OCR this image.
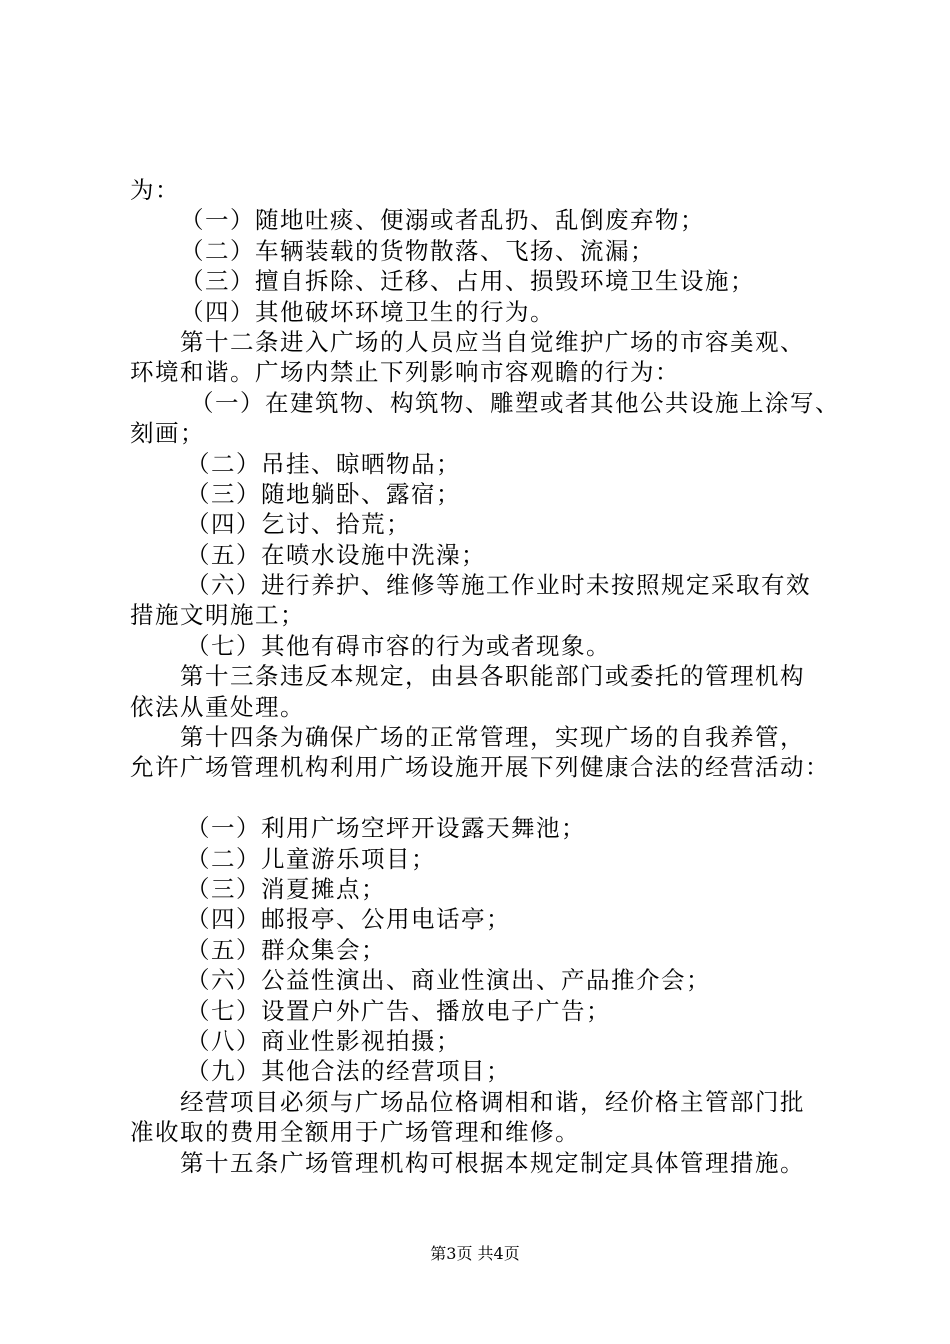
为：
（一）随地吐痰、便溺或者乱扔、乱倒废弃物；
（二）车辆装载的货物散落、飞扬、流漏；
（三）擅自拆除、迁移、占用、损毁环境卫生设施；
（四）其他破坏环境卫生的行为。
第十二条进入广场的人员应当自觉维护广场的市容美观、
环境和谐。广场内禁止下列影响市容观瞻的行为：
（一）在建筑物、构筑物、雕塑或者其他公共设施上涂写、
刻画；
（二）吊挂、晾晒物品；
（三）随地躺卧、露宿；
（四）乞讨、拾荒；
（五）在喷水设施中洗澡；
（六）进行养护、维修等施工作业时未按照规定采取有效
措施文明施工；
（七）其他有碍市容的行为或者现象。
第十三条违反本规定，由县各职能部门或委托的管理机构
依法从重处理。
第十四条为确保广场的正常管理，实现广场的自我养管，
允许广场管理机构利用广场设施开展下列健康合法的经营活动：
（一）利用广场空坪开设露天舞池；
（二）儿童游乐项目；
（三）消夏摊点；
（四）邮报亭、公用电话亭；
（五）群众集会；
（六）公益性演出、商业性演出、产品推介会；
（七）设置户外广告、播放电子广告；
（八）商业性影视拍摄；
（九）其他合法的经营项目；
经营项目必须与广场品位格调相和谐，经价格主管部门批
准收取的费用全额用于广场管理和维修。
第十五条广场管理机构可根据本规定制定具体管理措施。
第3页 共4页
